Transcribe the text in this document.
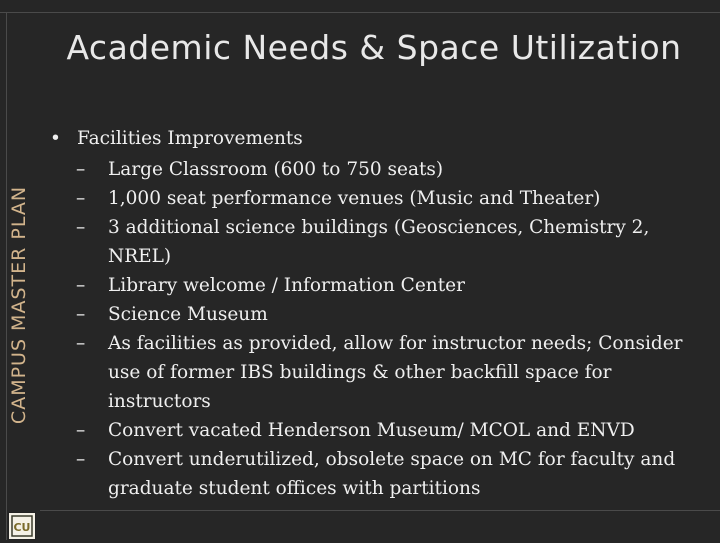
CAMPUS MASTER PLAN
Academic Needs & Space Utilization
• Facilities Improvements
– Large Classroom (600 to 750 seats)
– 1,000 seat performance venues (Music and Theater)
– 3 additional science buildings (Geosciences, Chemistry 2, NREL)
– Library welcome / Information Center
– Science Museum
– As facilities as provided, allow for instructor needs; Consider use of former IBS buildings & other backfill space for instructors
– Convert vacated Henderson Museum/ MCOL and ENVD
– Convert underutilized, obsolete space on MC for faculty and graduate student offices with partitions
CU
